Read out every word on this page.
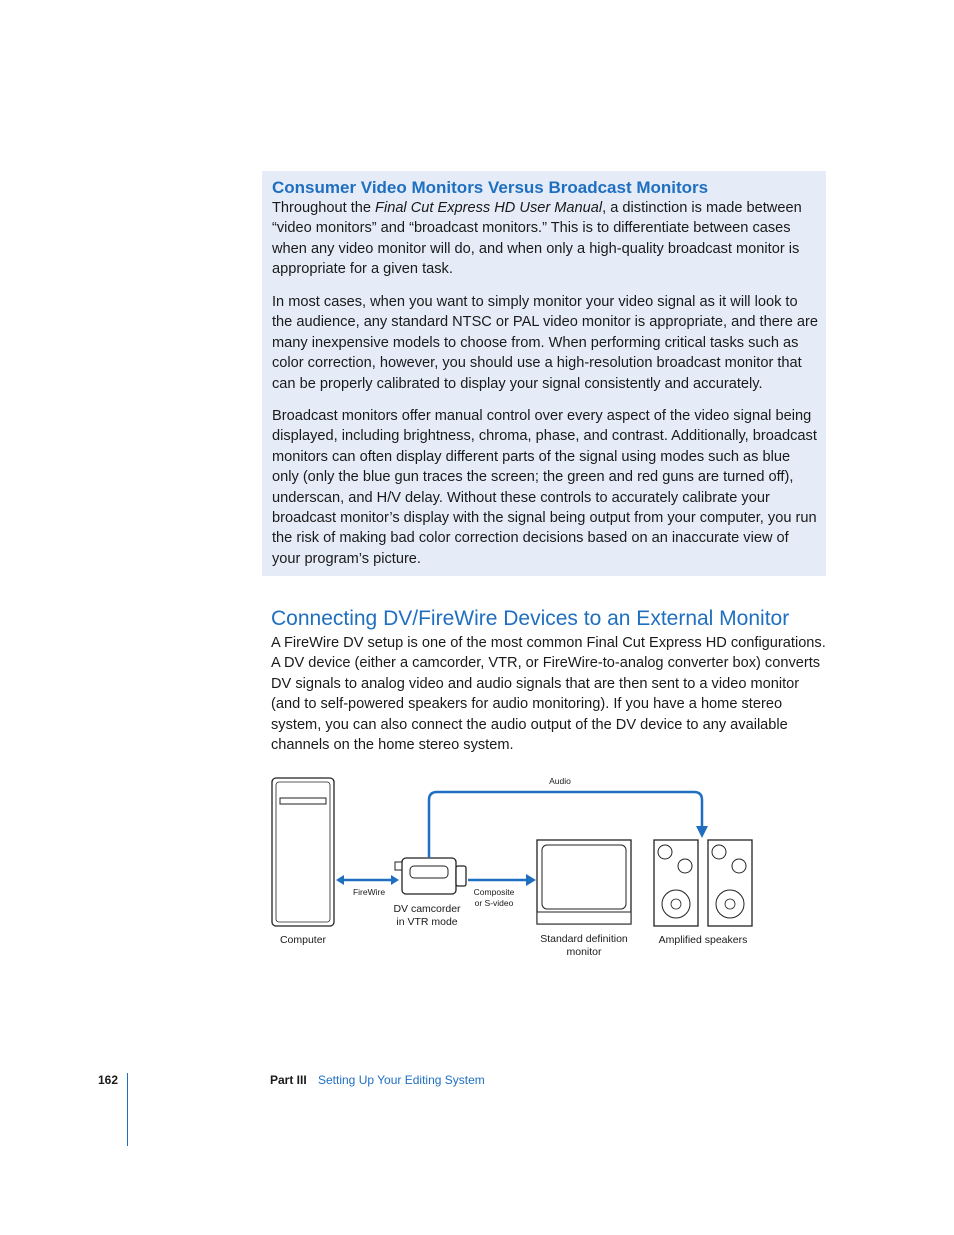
Consumer Video Monitors Versus Broadcast Monitors

Throughout the Final Cut Express HD User Manual, a distinction is made between “video monitors” and “broadcast monitors.” This is to differentiate between cases when any video monitor will do, and when only a high-quality broadcast monitor is appropriate for a given task.

In most cases, when you want to simply monitor your video signal as it will look to the audience, any standard NTSC or PAL video monitor is appropriate, and there are many inexpensive models to choose from. When performing critical tasks such as color correction, however, you should use a high-resolution broadcast monitor that can be properly calibrated to display your signal consistently and accurately.

Broadcast monitors offer manual control over every aspect of the video signal being displayed, including brightness, chroma, phase, and contrast. Additionally, broadcast monitors can often display different parts of the signal using modes such as blue only (only the blue gun traces the screen; the green and red guns are turned off), underscan, and H/V delay. Without these controls to accurately calibrate your broadcast monitor’s display with the signal being output from your computer, you run the risk of making bad color correction decisions based on an inaccurate view of your program’s picture.

Connecting DV/FireWire Devices to an External Monitor

A FireWire DV setup is one of the most common Final Cut Express HD configurations. A DV device (either a camcorder, VTR, or FireWire-to-analog converter box) converts DV signals to analog video and audio signals that are then sent to a video monitor (and to self-powered speakers for audio monitoring). If you have a home stereo system, you can also connect the audio output of the DV device to any available channels on the home stereo system.

Computer
FireWire
DV camcorder
in VTR mode
Composite
or S-video
Audio
Standard definition
monitor
Amplified speakers
162	Part III Setting Up Your Editing System
